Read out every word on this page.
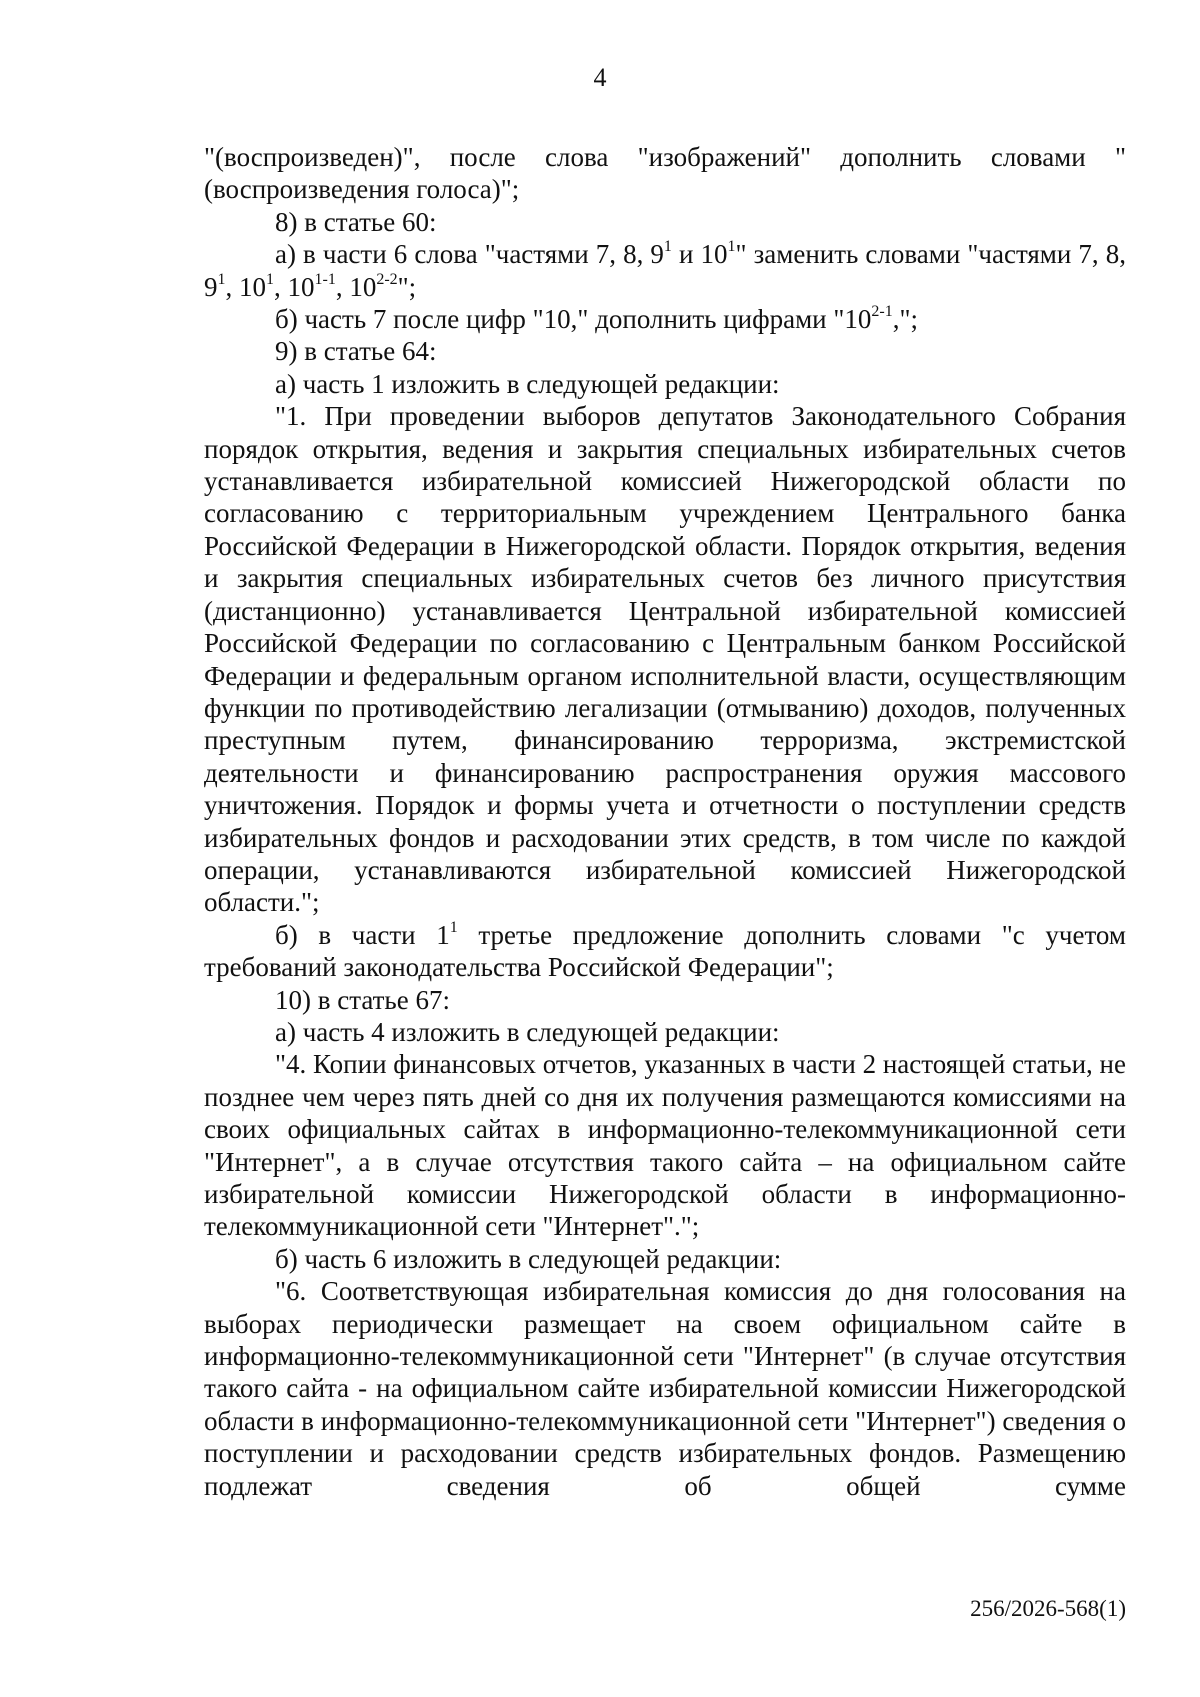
4

"(воспроизведен)", после слова "изображений" дополнить словами "(воспроизведения голоса)";

8) в статье 60:

а) в части 6 слова "частями 7, 8, $9^1$ и $10^1$" заменить словами "частями 7, 8, $9^1$, $10^1$, 10$^{1-1}$, 10$^{2-2}$";

б) часть 7 после цифр "10," дополнить цифрами "10$^{2-1}$,";

9) в статье 64:

а) часть 1 изложить в следующей редакции:

"1. При проведении выборов депутатов Законодательного Собрания порядок открытия, ведения и закрытия специальных избирательных счетов устанавливается избирательной комиссией Нижегородской области по согласованию с территориальным учреждением Центрального банка Российской Федерации в Нижегородской области. Порядок открытия, ведения и закрытия специальных избирательных счетов без личного присутствия (дистанционно) устанавливается Центральной избирательной комиссией Российской Федерации по согласованию с Центральным банком Российской Федерации и федеральным органом исполнительной власти, осуществляющим функции по противодействию легализации (отмыванию) доходов, полученных преступным путем, финансированию терроризма, экстремистской деятельности и финансированию распространения оружия массового уничтожения. Порядок и формы учета и отчетности о поступлении средств избирательных фондов и расходовании этих средств, в том числе по каждой операции, устанавливаются избирательной комиссией Нижегородской области.";

б) в части $1^1$ третье предложение дополнить словами "с учетом требований законодательства Российской Федерации";

10) в статье 67:

а) часть 4 изложить в следующей редакции:

"4. Копии финансовых отчетов, указанных в части 2 настоящей статьи, не позднее чем через пять дней со дня их получения размещаются комиссиями на своих официальных сайтах в информационно-телекоммуникационной сети "Интернет", а в случае отсутствия такого сайта – на официальном сайте избирательной комиссии Нижегородской области в информационно-телекоммуникационной сети "Интернет".";

б) часть 6 изложить в следующей редакции:

"6. Соответствующая избирательная комиссия до дня голосования на выборах периодически размещает на своем официальном сайте в информационно-телекоммуникационной сети "Интернет" (в случае отсутствия такого сайта - на официальном сайте избирательной комиссии Нижегородской области в информационно-телекоммуникационной сети "Интернет") сведения о поступлении и расходовании средств избирательных фондов. Размещению подлежат сведения об общей сумме

256/2026-568(1)
